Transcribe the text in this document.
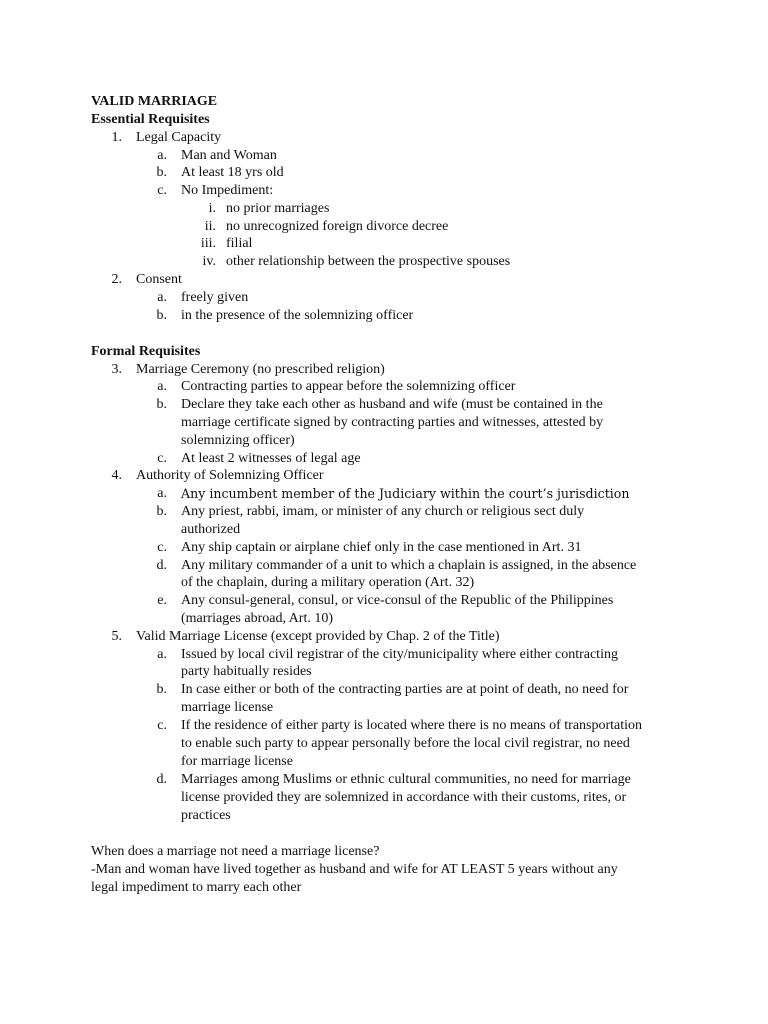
VALID MARRIAGE
Essential Requisites
1. Legal Capacity
a. Man and Woman
b. At least 18 yrs old
c. No Impediment:
i. no prior marriages
ii. no unrecognized foreign divorce decree
iii. filial
iv. other relationship between the prospective spouses
2. Consent
a. freely given
b. in the presence of the solemnizing officer
Formal Requisites
3. Marriage Ceremony (no prescribed religion)
a. Contracting parties to appear before the solemnizing officer
b. Declare they take each other as husband and wife (must be contained in the
marriage certificate signed by contracting parties and witnesses, attested by
solemnizing officer)
c. At least 2 witnesses of legal age
4. Authority of Solemnizing Officer
a. Any incumbent member of the Judiciary within the court’s jurisdiction
b. Any priest, rabbi, imam, or minister of any church or religious sect duly
authorized
c. Any ship captain or airplane chief only in the case mentioned in Art. 31
d. Any military commander of a unit to which a chaplain is assigned, in the absence
of the chaplain, during a military operation (Art. 32)
e. Any consul-general, consul, or vice-consul of the Republic of the Philippines
(marriages abroad, Art. 10)
5. Valid Marriage License (except provided by Chap. 2 of the Title)
a. Issued by local civil registrar of the city/municipality where either contracting
party habitually resides
b. In case either or both of the contracting parties are at point of death, no need for
marriage license
c. If the residence of either party is located where there is no means of transportation
to enable such party to appear personally before the local civil registrar, no need
for marriage license
d. Marriages among Muslims or ethnic cultural communities, no need for marriage
license provided they are solemnized in accordance with their customs, rites, or
practices
When does a marriage not need a marriage license?
-Man and woman have lived together as husband and wife for AT LEAST 5 years without any
legal impediment to marry each other
